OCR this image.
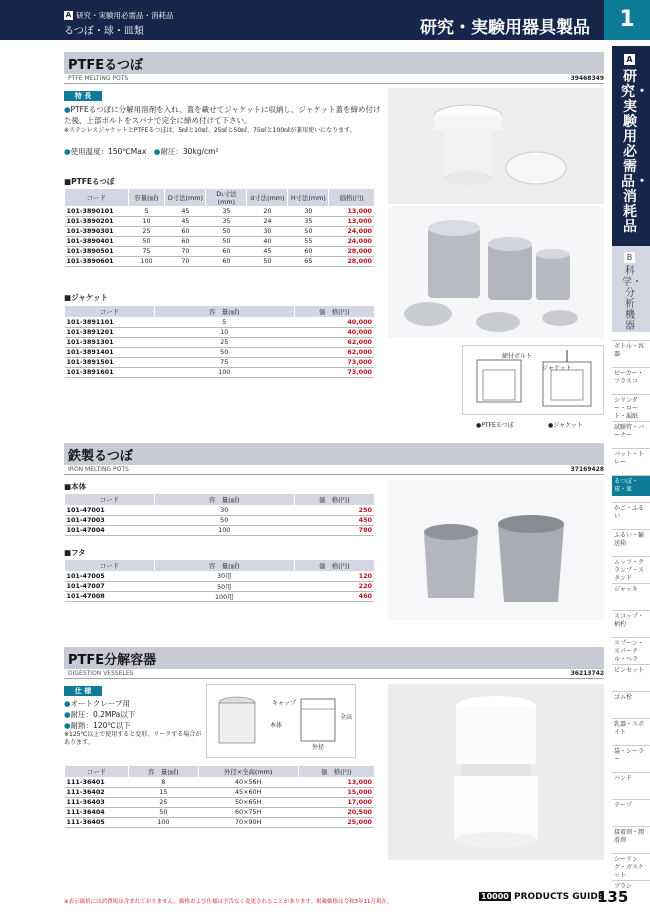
A 研究・実験用必需品・消耗品
るつぼ・球・皿類	研究・実験用器具製品	1
A
研究・実験用必需品・消耗品
B
科学・分析機器
ボトル・容器
ビーカー・フラスコ
シリンダー・ロート・漏紙
試験管・バーナー
バット・トレー
るつぼ・球・皿
かご・ふるい
ふるい・輸送箱
ムッフ・クランプ・スタンド
ジャッキ
スコップ・柄杓
スプーン・スパーテル・ヘラ
ピンセット
ゴム栓
乳器・スポイト
袋・シーラー
バンド
テープ
接着剤・潤滑剤
シーリング・ガスケット
ブラシ
PTFEるつぼ
PTFE MELTING POTS	39468349
特 長
●PTFEるつぼに分解用溶剤を入れ、蓋を載せてジャケットに収納し、ジャケット蓋を締め付けた後、上部ボルトをスパナで完全に締め付けて下さい。
※ステンレスジャケットとPTFEるつぼは、5㎖と10㎖、25㎖と50㎖、75㎖と100㎖が兼用使いになります。
●使用温度：150℃Max　 ●耐圧：30kg/cm²
■PTFEるつぼ
コード	容量(㎖)	D寸法(mm)	D₁寸法(mm)	d寸法(mm)	H寸法(mm)	価格(円)
101-3890101	5	45	35	20	30	13,000
101-3890201	10	45	35	24	35	13,000
101-3890301	25	60	50	30	50	24,000
101-3890401	50	60	50	40	55	24,000
101-3890501	75	70	60	45	60	28,000
101-3890601	100	70	60	50	65	28,000
■ジャケット
コード	容　量(㎖)	価　格(円)
101-3891101	5	40,000
101-3891201	10	40,000
101-3891301	25	62,000
101-3891401	50	62,000
101-3891501	75	73,000
101-3891601	100	73,000
締付ボルト
ジャケット
●PTFEるつぼ	●ジャケット
鉄製るつぼ
IRON MELTING POTS	37169428
■本体
コード	容　量(㎖)	価　格(円)
101-47001	30	250
101-47003	50	450
101-47004	100	780
■フタ
コード	容　量(㎖)	価　格(円)
101-47005	30用	120
101-47007	50用	220
101-47008	100用	460
PTFE分解容器
DIGESTION VESSELES	36213742
仕 様
●オートクレーブ用
●耐圧：0.2MPa以下
●耐熱：120℃以下
※125℃以上で使用すると変形、リークする場合があります。
キャップ
本体
外径
全高
コード	容　量(㎖)	外径×全高(mm)	価　格(円)
111-36401	8	40×56H	13,000
111-36402	15	45×60H	15,000
111-36403	25	50×65H	17,000
111-36404	50	60×75H	20,500
111-36405	100	70×90H	25,000
※表示価格には消費税は含まれておりません。価格および仕様は予告なく変更されることがあります。掲載価格は令和3年11月現在。
10000 PRODUCTS GUIDE
135
